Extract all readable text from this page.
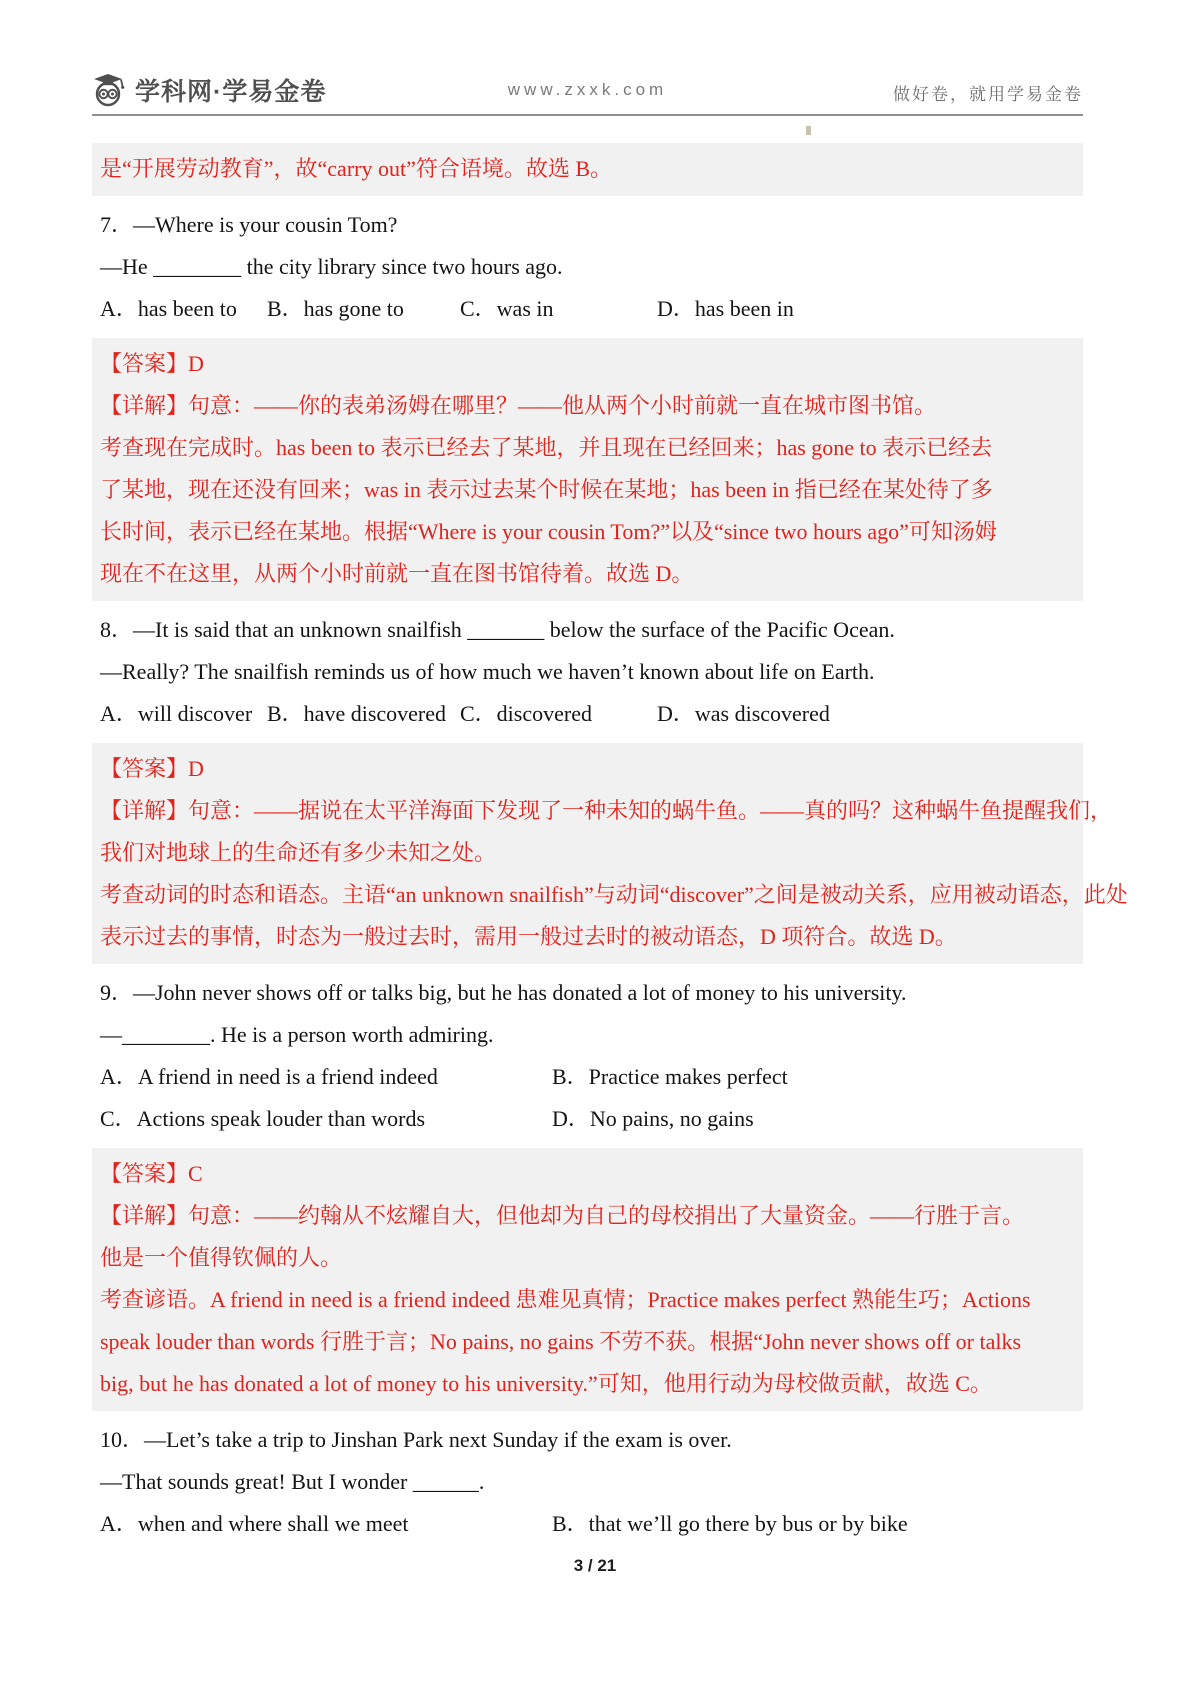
学科网·学易金卷	www.zxxk.com	做好卷，就用学易金卷
是“开展劳动教育”，故“carry out”符合语境。故选 B。
7．—Where is your cousin Tom?
—He ________ the city library since two hours ago.
A．has been to	B．has gone to	C．was in	D．has been in
【答案】D
【详解】句意：——你的表弟汤姆在哪里？——他从两个小时前就一直在城市图书馆。
考查现在完成时。has been to 表示已经去了某地，并且现在已经回来；has gone to 表示已经去
了某地，现在还没有回来；was in 表示过去某个时候在某地；has been in 指已经在某处待了多
长时间，表示已经在某地。根据“Where is your cousin Tom?”以及“since two hours ago”可知汤姆
现在不在这里，从两个小时前就一直在图书馆待着。故选 D。
8．—It is said that an unknown snailfish _______ below the surface of the Pacific Ocean.
—Really? The snailfish reminds us of how much we haven’t known about life on Earth.
A．will discover B．have discovered C．discovered	D．was discovered
【答案】D
【详解】句意：——据说在太平洋海面下发现了一种未知的蜗牛鱼。——真的吗？这种蜗牛鱼提醒我们，
我们对地球上的生命还有多少未知之处。
考查动词的时态和语态。主语“an unknown snailfish”与动词“discover”之间是被动关系，应用被动语态，此处
表示过去的事情，时态为一般过去时，需用一般过去时的被动语态，D 项符合。故选 D。
9．—John never shows off or talks big, but he has donated a lot of money to his university.
—________. He is a person worth admiring.
A．A friend in need is a friend indeed	B．Practice makes perfect
C．Actions speak louder than words	D．No pains, no gains
【答案】C
【详解】句意：——约翰从不炫耀自大，但他却为自己的母校捐出了大量资金。——行胜于言。
他是一个值得钦佩的人。
考查谚语。A friend in need is a friend indeed 患难见真情；Practice makes perfect 熟能生巧；Actions
speak louder than words 行胜于言；No pains, no gains 不劳不获。根据“John never shows off or talks
big, but he has donated a lot of money to his university.”可知，他用行动为母校做贡献，故选 C。
10．—Let’s take a trip to Jinshan Park next Sunday if the exam is over.
—That sounds great! But I wonder ______.
A．when and where shall we meet	B．that we’ll go there by bus or by bike
3 / 21
